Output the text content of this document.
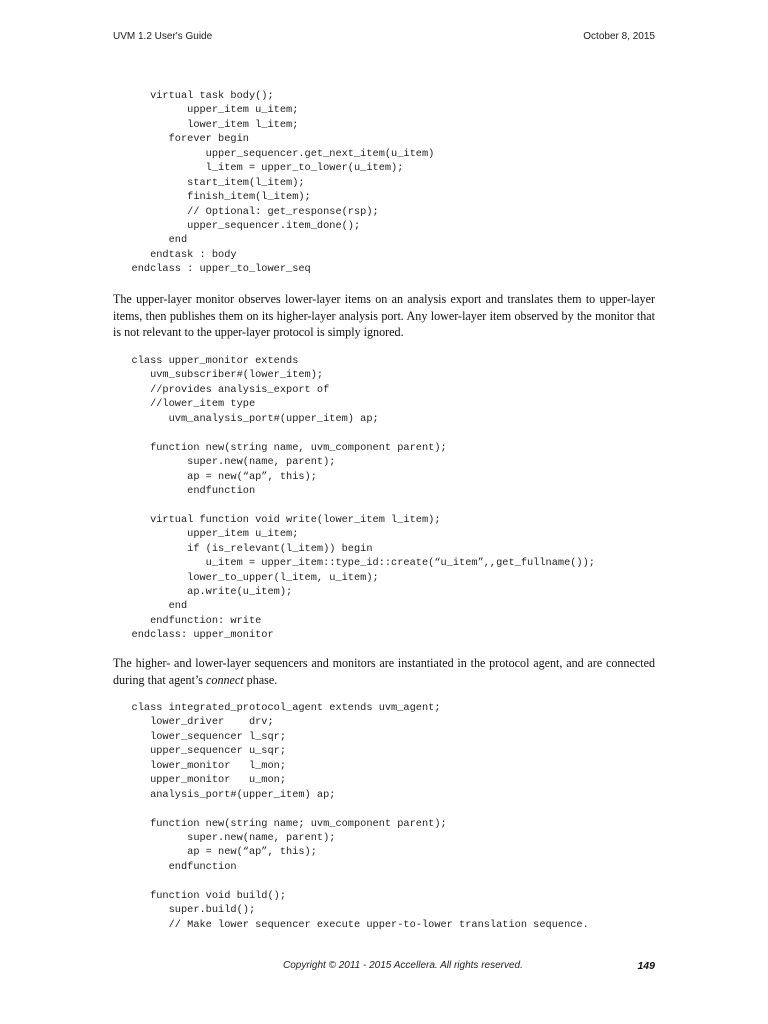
UVM 1.2 User's Guide	October 8, 2015
virtual task body();
upper_item u_item;
lower_item l_item;
forever begin
upper_sequencer.get_next_item(u_item)
l_item = upper_to_lower(u_item);
start_item(l_item);
finish_item(l_item);
// Optional: get_response(rsp);
upper_sequencer.item_done();
end
endtask : body
endclass : upper_to_lower_seq

The upper-layer monitor observes lower-layer items on an analysis export and translates them to upper-layer items, then publishes them on its higher-layer analysis port. Any lower-layer item observed by the monitor that is not relevant to the upper-layer protocol is simply ignored.

class upper_monitor extends
uvm_subscriber#(lower_item);
//provides analysis_export of
//lower_item type
uvm_analysis_port#(upper_item) ap;
function new(string name, uvm_component parent);
super.new(name, parent);
ap = new(“ap”, this);
endfunction
virtual function void write(lower_item l_item);
upper_item u_item;
if (is_relevant(l_item)) begin
u_item = upper_item::type_id::create(“u_item”,,get_fullname());
lower_to_upper(l_item, u_item);
ap.write(u_item);
end
endfunction: write
endclass: upper_monitor

The higher- and lower-layer sequencers and monitors are instantiated in the protocol agent, and are connected during that agent’s connect phase.

class integrated_protocol_agent extends uvm_agent;
lower_driver    drv;
lower_sequencer l_sqr;
upper_sequencer u_sqr;
lower_monitor   l_mon;
upper_monitor   u_mon;
analysis_port#(upper_item) ap;
function new(string name; uvm_component parent);
super.new(name, parent);
ap = new(“ap”, this);
endfunction
function void build();
super.build();
// Make lower sequencer execute upper-to-lower translation sequence.
Copyright © 2011 - 2015 Accellera. All rights reserved.	149
